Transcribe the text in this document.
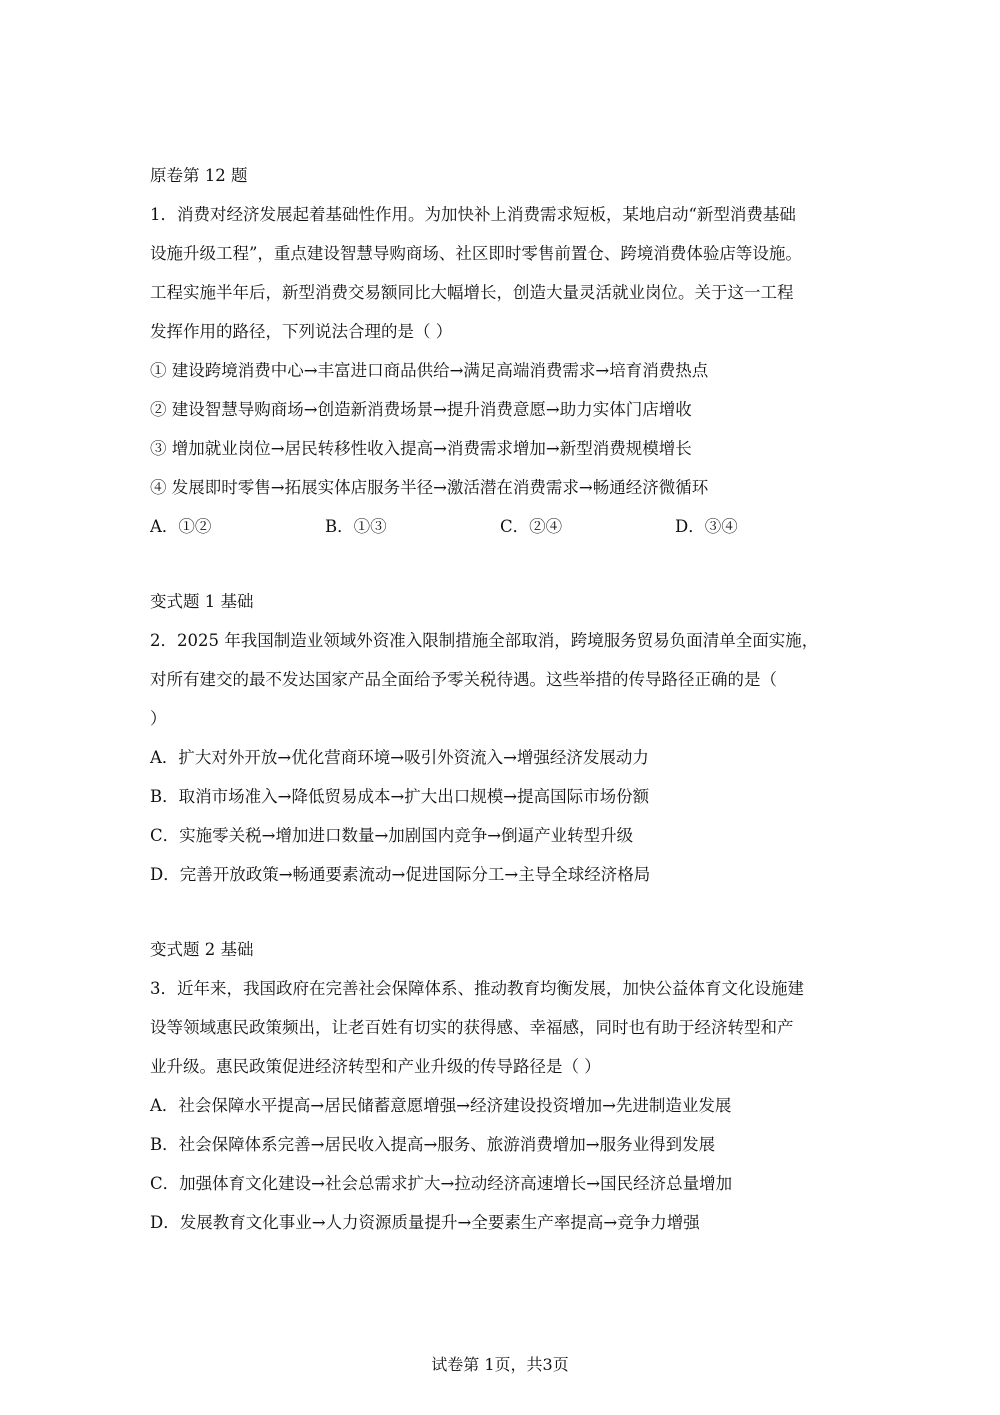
原卷第 12 题
1．消费对经济发展起着基础性作用。为加快补上消费需求短板，某地启动“新型消费基础
设施升级工程”，重点建设智慧导购商场、社区即时零售前置仓、跨境消费体验店等设施。
工程实施半年后，新型消费交易额同比大幅增长，创造大量灵活就业岗位。关于这一工程
发挥作用的路径，下列说法合理的是（ ）
① 建设跨境消费中心→丰富进口商品供给→满足高端消费需求→培育消费热点
② 建设智慧导购商场→创造新消费场景→提升消费意愿→助力实体门店增收
③ 增加就业岗位→居民转移性收入提高→消费需求增加→新型消费规模增长
④ 发展即时零售→拓展实体店服务半径→激活潜在消费需求→畅通经济微循环
A．①②	B．①③	C．②④	D．③④
变式题 1 基础
2．2025 年我国制造业领域外资准入限制措施全部取消，跨境服务贸易负面清单全面实施，
对所有建交的最不发达国家产品全面给予零关税待遇。这些举措的传导路径正确的是（
）
A．扩大对外开放→优化营商环境→吸引外资流入→增强经济发展动力
B．取消市场准入→降低贸易成本→扩大出口规模→提高国际市场份额
C．实施零关税→增加进口数量→加剧国内竞争→倒逼产业转型升级
D．完善开放政策→畅通要素流动→促进国际分工→主导全球经济格局
变式题 2 基础
3．近年来，我国政府在完善社会保障体系、推动教育均衡发展，加快公益体育文化设施建
设等领域惠民政策频出，让老百姓有切实的获得感、幸福感，同时也有助于经济转型和产
业升级。惠民政策促进经济转型和产业升级的传导路径是（ ）
A．社会保障水平提高→居民储蓄意愿增强→经济建设投资增加→先进制造业发展
B．社会保障体系完善→居民收入提高→服务、旅游消费增加→服务业得到发展
C．加强体育文化建设→社会总需求扩大→拉动经济高速增长→国民经济总量增加
D．发展教育文化事业→人力资源质量提升→全要素生产率提高→竞争力增强
试卷第 1页，共3页
